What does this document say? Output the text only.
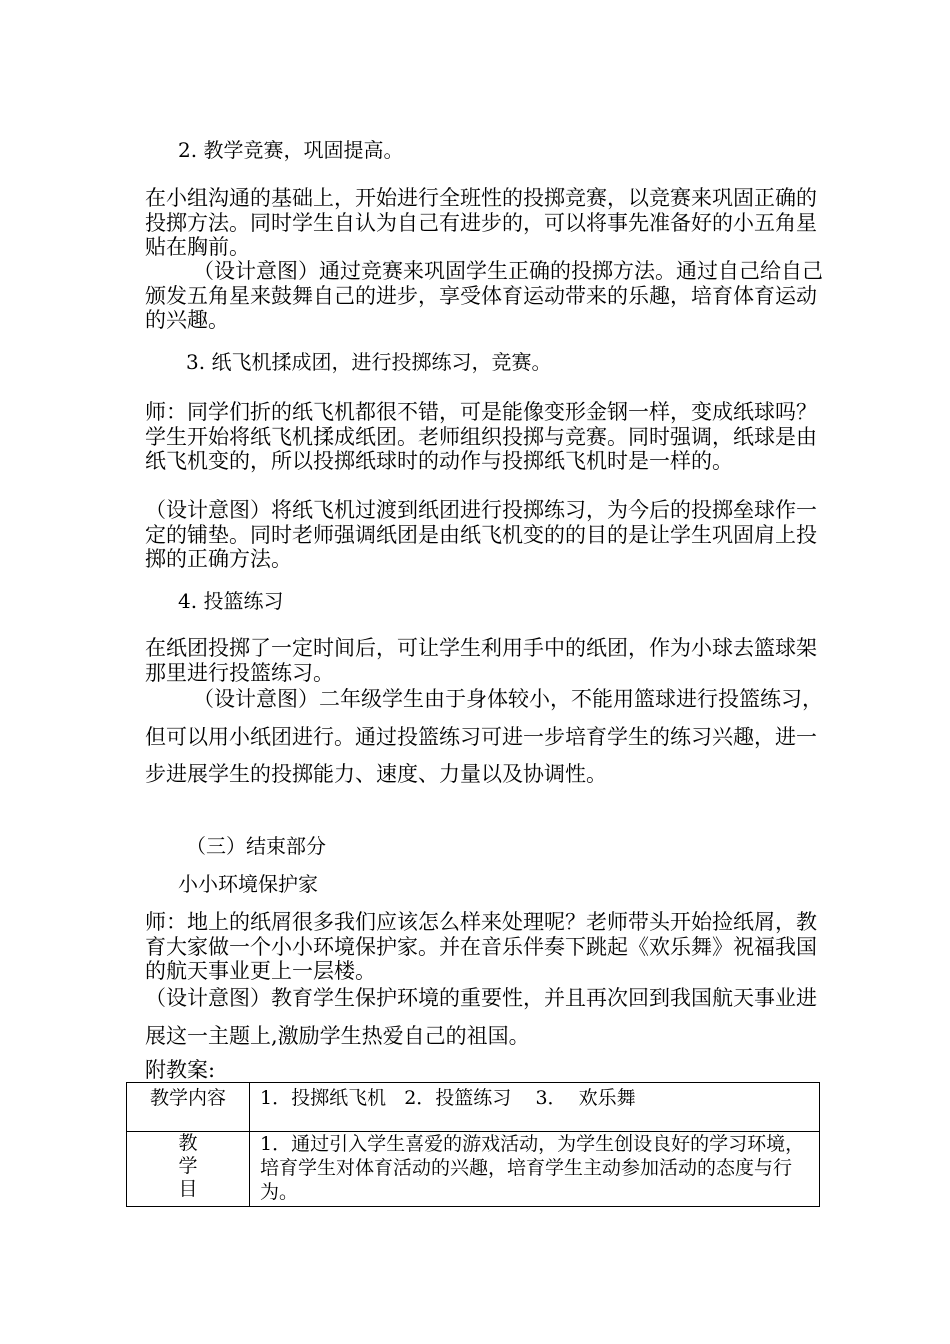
2. 教学竞赛，巩固提高。
在小组沟通的基础上，开始进行全班性的投掷竞赛，以竞赛来巩固正确的投掷方法。同时学生自认为自己有进步的，可以将事先准备好的小五角星贴在胸前。
（设计意图）通过竞赛来巩固学生正确的投掷方法。通过自己给自己颁发五角星来鼓舞自己的进步，享受体育运动带来的乐趣，培育体育运动的兴趣。
3. 纸飞机揉成团，进行投掷练习，竞赛。
师：同学们折的纸飞机都很不错，可是能像变形金钢一样，变成纸球吗？学生开始将纸飞机揉成纸团。老师组织投掷与竞赛。同时强调，纸球是由纸飞机变的，所以投掷纸球时的动作与投掷纸飞机时是一样的。
（设计意图）将纸飞机过渡到纸团进行投掷练习，为今后的投掷垒球作一定的铺垫。同时老师强调纸团是由纸飞机变的的目的是让学生巩固肩上投掷的正确方法。
4. 投篮练习
在纸团投掷了一定时间后，可让学生利用手中的纸团，作为小球去篮球架那里进行投篮练习。
（设计意图）二年级学生由于身体较小，不能用篮球进行投篮练习，但可以用小纸团进行。通过投篮练习可进一步培育学生的练习兴趣，进一步进展学生的投掷能力、速度、力量以及协调性。
（三）结束部分
小小环境保护家
师：地上的纸屑很多我们应该怎么样来处理呢？老师带头开始捡纸屑，教育大家做一个小小环境保护家。并在音乐伴奏下跳起《欢乐舞》祝福我国的航天事业更上一层楼。
（设计意图）教育学生保护环境的重要性，并且再次回到我国航天事业进展这一主题上,激励学生热爱自己的祖国。
附教案:
教学内容	1．投掷纸飞机   2．投篮练习    3．  欢乐舞

教
学
目	1．通过引入学生喜爱的游戏活动，为学生创设良好的学习环境，培育学生对体育活动的兴趣，培育学生主动参加活动的态度与行为。
